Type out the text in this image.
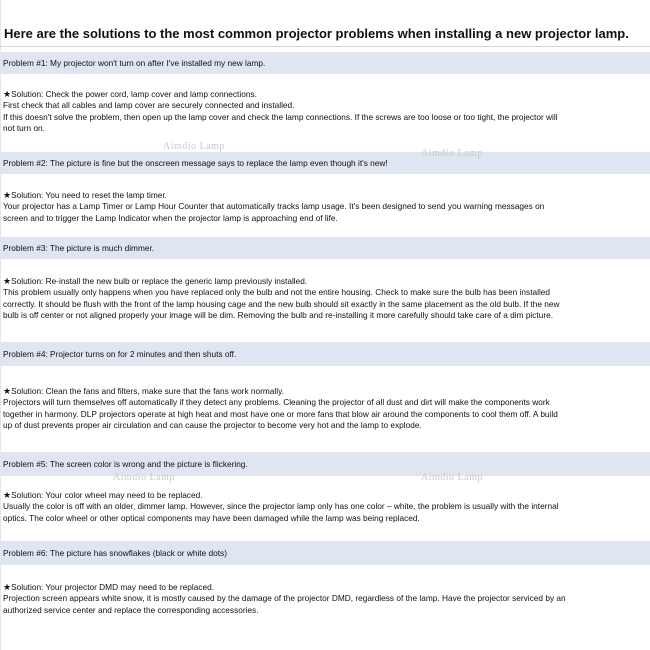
Here are the solutions to the most common projector problems when installing a new projector lamp.
Problem #1: My projector won't turn on after I've installed my new lamp.
Problem #2: The picture is fine but the onscreen message says to replace the lamp even though it's new!
Problem #3: The picture is much dimmer.
Problem #4: Projector turns on for 2 minutes and then shuts off.
Problem #5: The screen color is wrong and the picture is flickering.
Problem #6: The picture has snowflakes (black or white dots)
★Solution: Check the power cord, lamp cover and lamp connections.
First check that all cables and lamp cover are securely connected and installed.
If this doesn't solve the problem, then open up the lamp cover and check the lamp connections. If the screws are too loose or too tight, the projector will
not turn on.
★Solution: You need to reset the lamp timer.
Your projector has a Lamp Timer or Lamp Hour Counter that automatically tracks lamp usage. It's been designed to send you warning messages on
screen and to trigger the Lamp Indicator when the projector lamp is approaching end of life.
★Solution: Re-install the new bulb or replace the generic lamp previously installed.
This problem usually only happens when you have replaced only the bulb and not the entire housing. Check to make sure the bulb has been installed
correctly. It should be flush with the front of the lamp housing cage and the new bulb should sit exactly in the same placement as the old bulb. If the new
bulb is off center or not aligned properly your image will be dim. Removing the bulb and re-installing it more carefully should take care of a dim picture.
★Solution: Clean the fans and filters, make sure that the fans work normally.
Projectors will turn themselves off automatically if they detect any problems. Cleaning the projector of all dust and dirt will make the components work
together in harmony. DLP projectors operate at high heat and most have one or more fans that blow air around the components to cool them off. A build
up of dust prevents proper air circulation and can cause the projector to become very hot and the lamp to explode.
★Solution: Your color wheel may need to be replaced.
Usually the color is off with an older, dimmer lamp. However, since the projector lamp only has one color – white, the problem is usually with the internal
optics. The color wheel or other optical components may have been damaged while the lamp was being replaced.
★Solution: Your projector DMD may need to be replaced.
Projection screen appears white snow, it is mostly caused by the damage of the projector DMD, regardless of the lamp. Have the projector serviced by an
authorized service center and replace the corresponding accessories.
Aimdio Lamp
Aimdio Lamp
Aimdio Lamp	Aimdio Lamp
